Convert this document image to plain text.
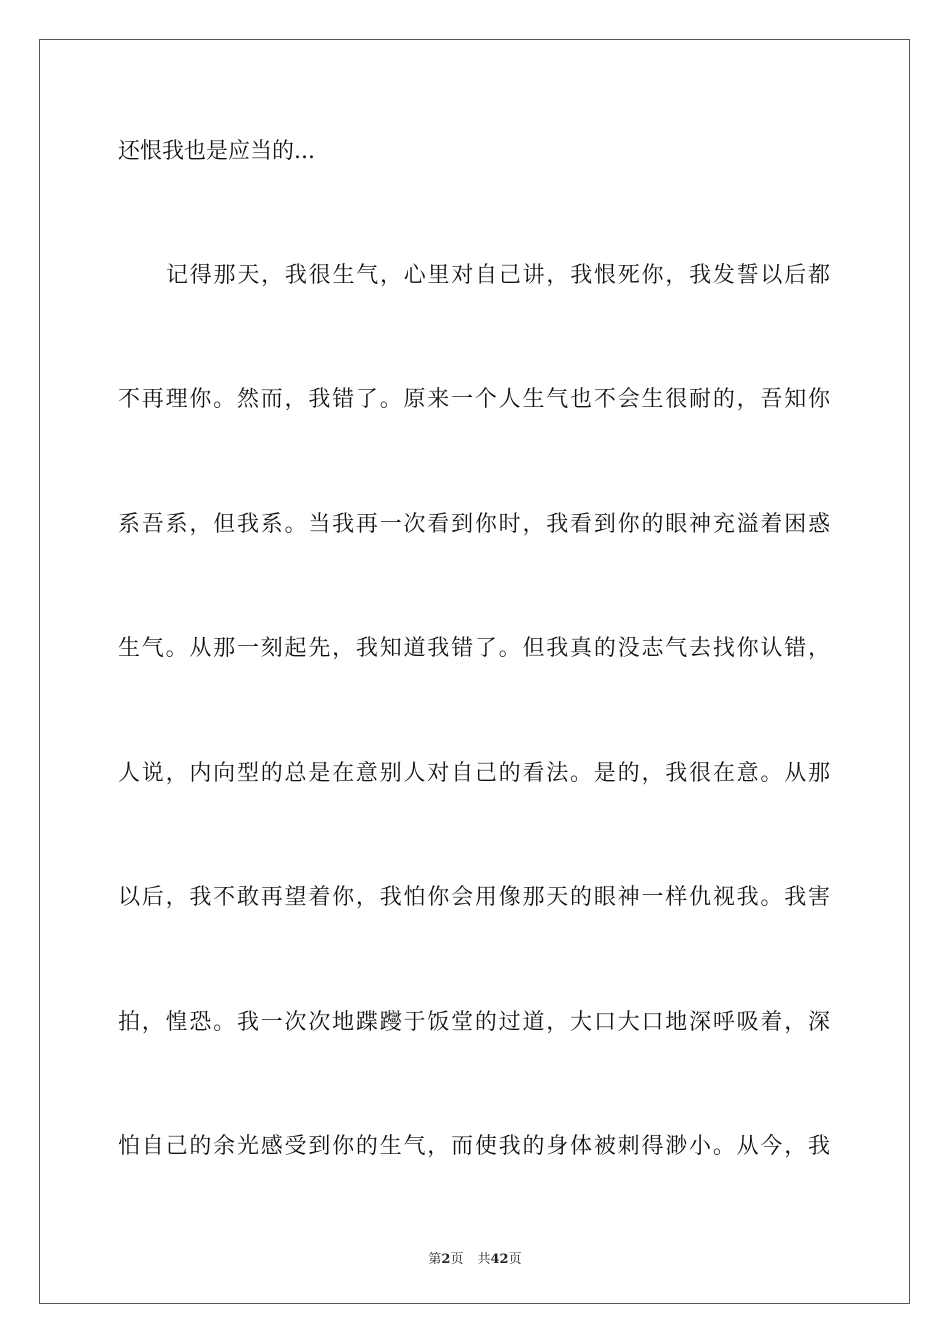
还恨我也是应当的...
记得那天，我很生气，心里对自己讲，我恨死你，我发誓以后都
不再理你。然而，我错了。原来一个人生气也不会生很耐的，吾知你
系吾系，但我系。当我再一次看到你时，我看到你的眼神充溢着困惑
生气。从那一刻起先，我知道我错了。但我真的没志气去找你认错，
人说，内向型的总是在意别人对自己的看法。是的，我很在意。从那
以后，我不敢再望着你，我怕你会用像那天的眼神一样仇视我。我害
拍，惶恐。我一次次地蹀躞于饭堂的过道，大口大口地深呼吸着，深
怕自己的余光感受到你的生气，而使我的身体被刺得渺小。从今，我
第2页 共42页
